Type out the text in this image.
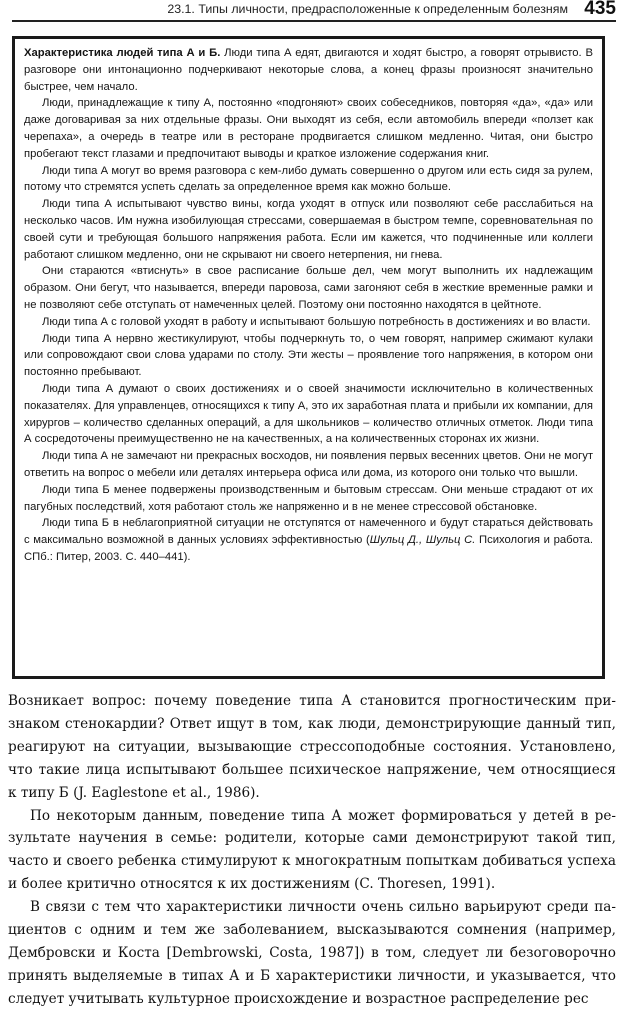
23.1. Типы личности, предрасположенные к определенным болезням 435

Характеристика людей типа А и Б. Люди типа А едят, двигаются и ходят быстро, а говорят отрывисто. В разговоре они интонационно подчеркивают некоторые слова, а конец фразы произносят значительно быстрее, чем начало.

Люди, принадлежащие к типу А, постоянно «подгоняют» своих собеседников, повторяя «да», «да» или даже договаривая за них отдельные фразы. Они выходят из себя, если автомобиль впереди «ползет как черепаха», а очередь в театре или в ресторане продвигается слишком медленно. Читая, они быстро пробегают текст глазами и предпочитают выводы и краткое изложение содержания книг.

Люди типа А могут во время разговора с кем-либо думать совершенно о другом или есть сидя за рулем, потому что стремятся успеть сделать за определенное время как можно больше.

Люди типа А испытывают чувство вины, когда уходят в отпуск или позволяют себе расслабиться на несколько часов. Им нужна изобилующая стрессами, совершаемая в быстром темпе, соревновательная по своей сути и требующая большого напряжения работа. Если им кажется, что подчиненные или коллеги работают слишком медленно, они не скрывают ни своего нетерпения, ни гнева.

Они стараются «втиснуть» в свое расписание больше дел, чем могут выполнить их надлежащим образом. Они бегут, что называется, впереди паровоза, сами загоняют себя в жесткие временные рамки и не позволяют себе отступать от намеченных целей. Поэтому они постоянно находятся в цейтноте.

Люди типа А с головой уходят в работу и испытывают большую потребность в достижениях и во власти.

Люди типа А нервно жестикулируют, чтобы подчеркнуть то, о чем говорят, например сжимают кулаки или сопровождают свои слова ударами по столу. Эти жесты – проявление того напряжения, в котором они постоянно пребывают.

Люди типа А думают о своих достижениях и о своей значимости исключительно в количественных показателях. Для управленцев, относящихся к типу А, это их заработная плата и прибыли их компании, для хирургов – количество сделанных операций, а для школьников – количество отличных отметок. Люди типа А сосредоточены преимущественно не на качественных, а на количественных сторонах их жизни.

Люди типа А не замечают ни прекрасных восходов, ни появления первых весенних цветов. Они не могут ответить на вопрос о мебели или деталях интерьера офиса или дома, из которого они только что вышли.

Люди типа Б менее подвержены производственным и бытовым стрессам. Они меньше страдают от их пагубных последствий, хотя работают столь же напряженно и в не менее стрессовой обстановке.

Люди типа Б в неблагоприятной ситуации не отступятся от намеченного и будут стараться действовать с максимально возможной в данных условиях эффективностью (Шульц Д., Шульц С. Психология и работа. СПб.: Питер, 2003. С. 440–441).

Возникает вопрос: почему поведение типа А становится прогностическим признаком стенокардии? Ответ ищут в том, как люди, демонстрирующие данный тип, реагируют на ситуации, вызывающие стрессоподобные состояния. Установлено, что такие лица испытывают большее психическое напряжение, чем относящиеся к типу Б (J. Eaglestone et al., 1986).

По некоторым данным, поведение типа А может формироваться у детей в результате научения в семье: родители, которые сами демонстрируют такой тип, часто и своего ребенка стимулируют к многократным попыткам добиваться успеха и более критично относятся к их достижениям (C. Thoresen, 1991).

В связи с тем что характеристики личности очень сильно варьируют среди пациентов с одним и тем же заболеванием, высказываются сомнения (например, Дембровски и Коста [Dembrowski, Costa, 1987]) в том, следует ли безоговорочно принять выделяемые в типах А и Б характеристики личности, и указывается, что следует учитывать культурное происхождение и возрастное распределение рес
